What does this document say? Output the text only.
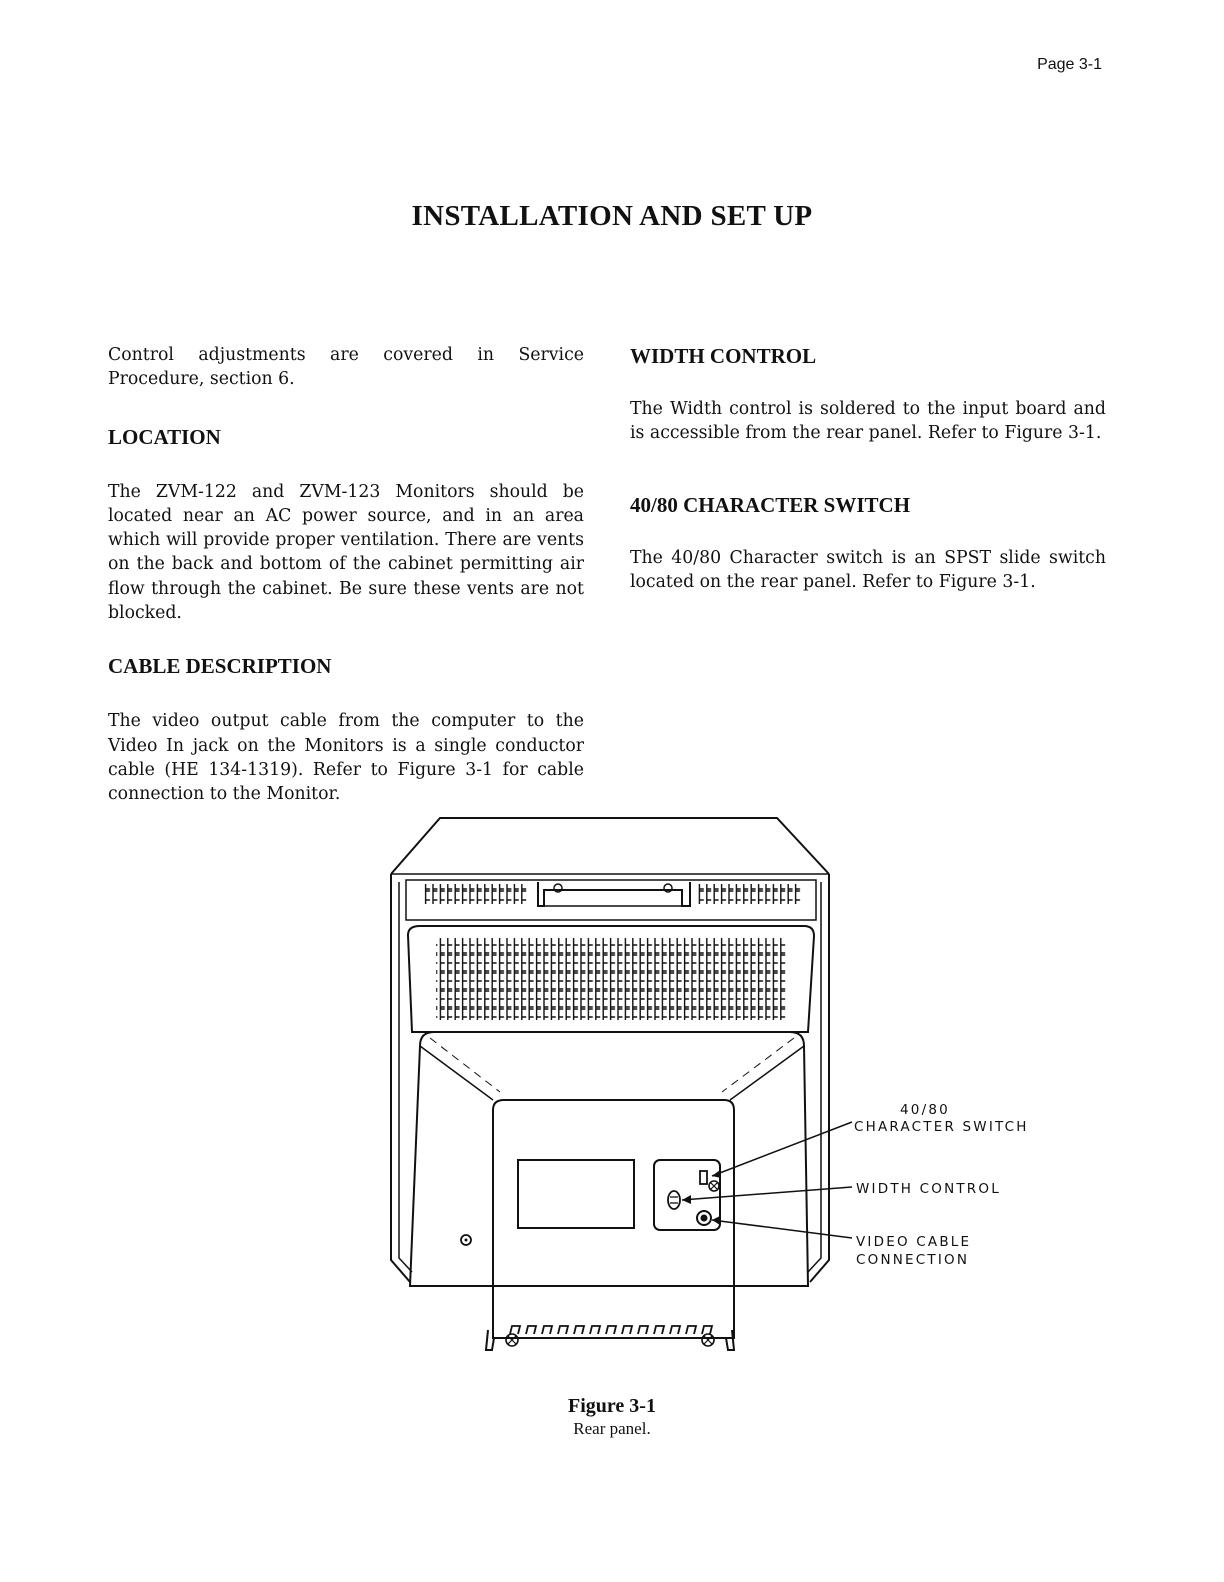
Page 3-1
INSTALLATION AND SET UP

Control adjustments are covered in Service Procedure, section 6.

LOCATION

The ZVM-122 and ZVM-123 Monitors should be located near an AC power source, and in an area which will provide proper ventilation. There are vents on the back and bottom of the cabinet permitting air flow through the cabinet. Be sure these vents are not blocked.

CABLE DESCRIPTION

The video output cable from the computer to the Video In jack on the Monitors is a single conductor cable (HE 134-1319). Refer to Figure 3-1 for cable connection to the Monitor.

WIDTH CONTROL

The Width control is soldered to the input board and is accessible from the rear panel. Refer to Figure 3-1.

40/80 CHARACTER SWITCH

The 40/80 Character switch is an SPST slide switch located on the rear panel. Refer to Figure 3-1.

40/80
CHARACTER SWITCH
WIDTH CONTROL
VIDEO CABLE
CONNECTION
Figure 3-1
Rear panel.
